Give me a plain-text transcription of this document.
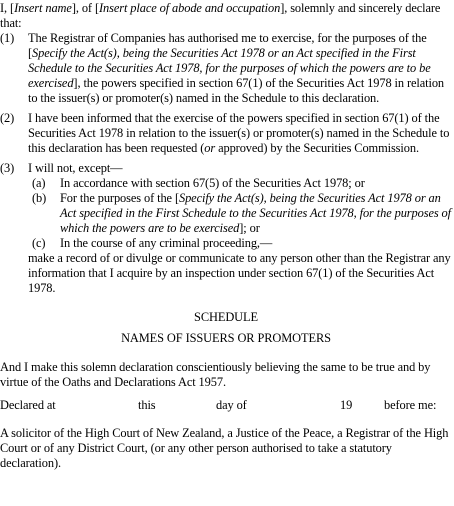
I, [Insert name], of [Insert place of abode and occupation], solemnly and sincerely declare that:

(1) The Registrar of Companies has authorised me to exercise, for the purposes of the [Specify the Act(s), being the Securities Act 1978 or an Act specified in the First Schedule to the Securities Act 1978, for the purposes of which the powers are to be exercised], the powers specified in section 67(1) of the Securities Act 1978 in relation to the issuer(s) or promoter(s) named in the Schedule to this declaration.

(2) I have been informed that the exercise of the powers specified in section 67(1) of the Securities Act 1978 in relation to the issuer(s) or promoter(s) named in the Schedule to this declaration has been requested (or approved) by the Securities Commission.

(3) I will not, except—

(a) In accordance with section 67(5) of the Securities Act 1978; or

(b) For the purposes of the [Specify the Act(s), being the Securities Act 1978 or an Act specified in the First Schedule to the Securities Act 1978, for the purposes of which the powers are to be exercised]; or

(c) In the course of any criminal proceeding,—

make a record of or divulge or communicate to any person other than the Registrar any information that I acquire by an inspection under section 67(1) of the Securities Act 1978.

SCHEDULE

NAMES OF ISSUERS OR PROMOTERS

And I make this solemn declaration conscientiously believing the same to be true and by virtue of the Oaths and Declarations Act 1957.

Declared at	this	day of	19	before me:

A solicitor of the High Court of New Zealand, a Justice of the Peace, a Registrar of the High Court or of any District Court, (or any other person authorised to take a statutory declaration).
